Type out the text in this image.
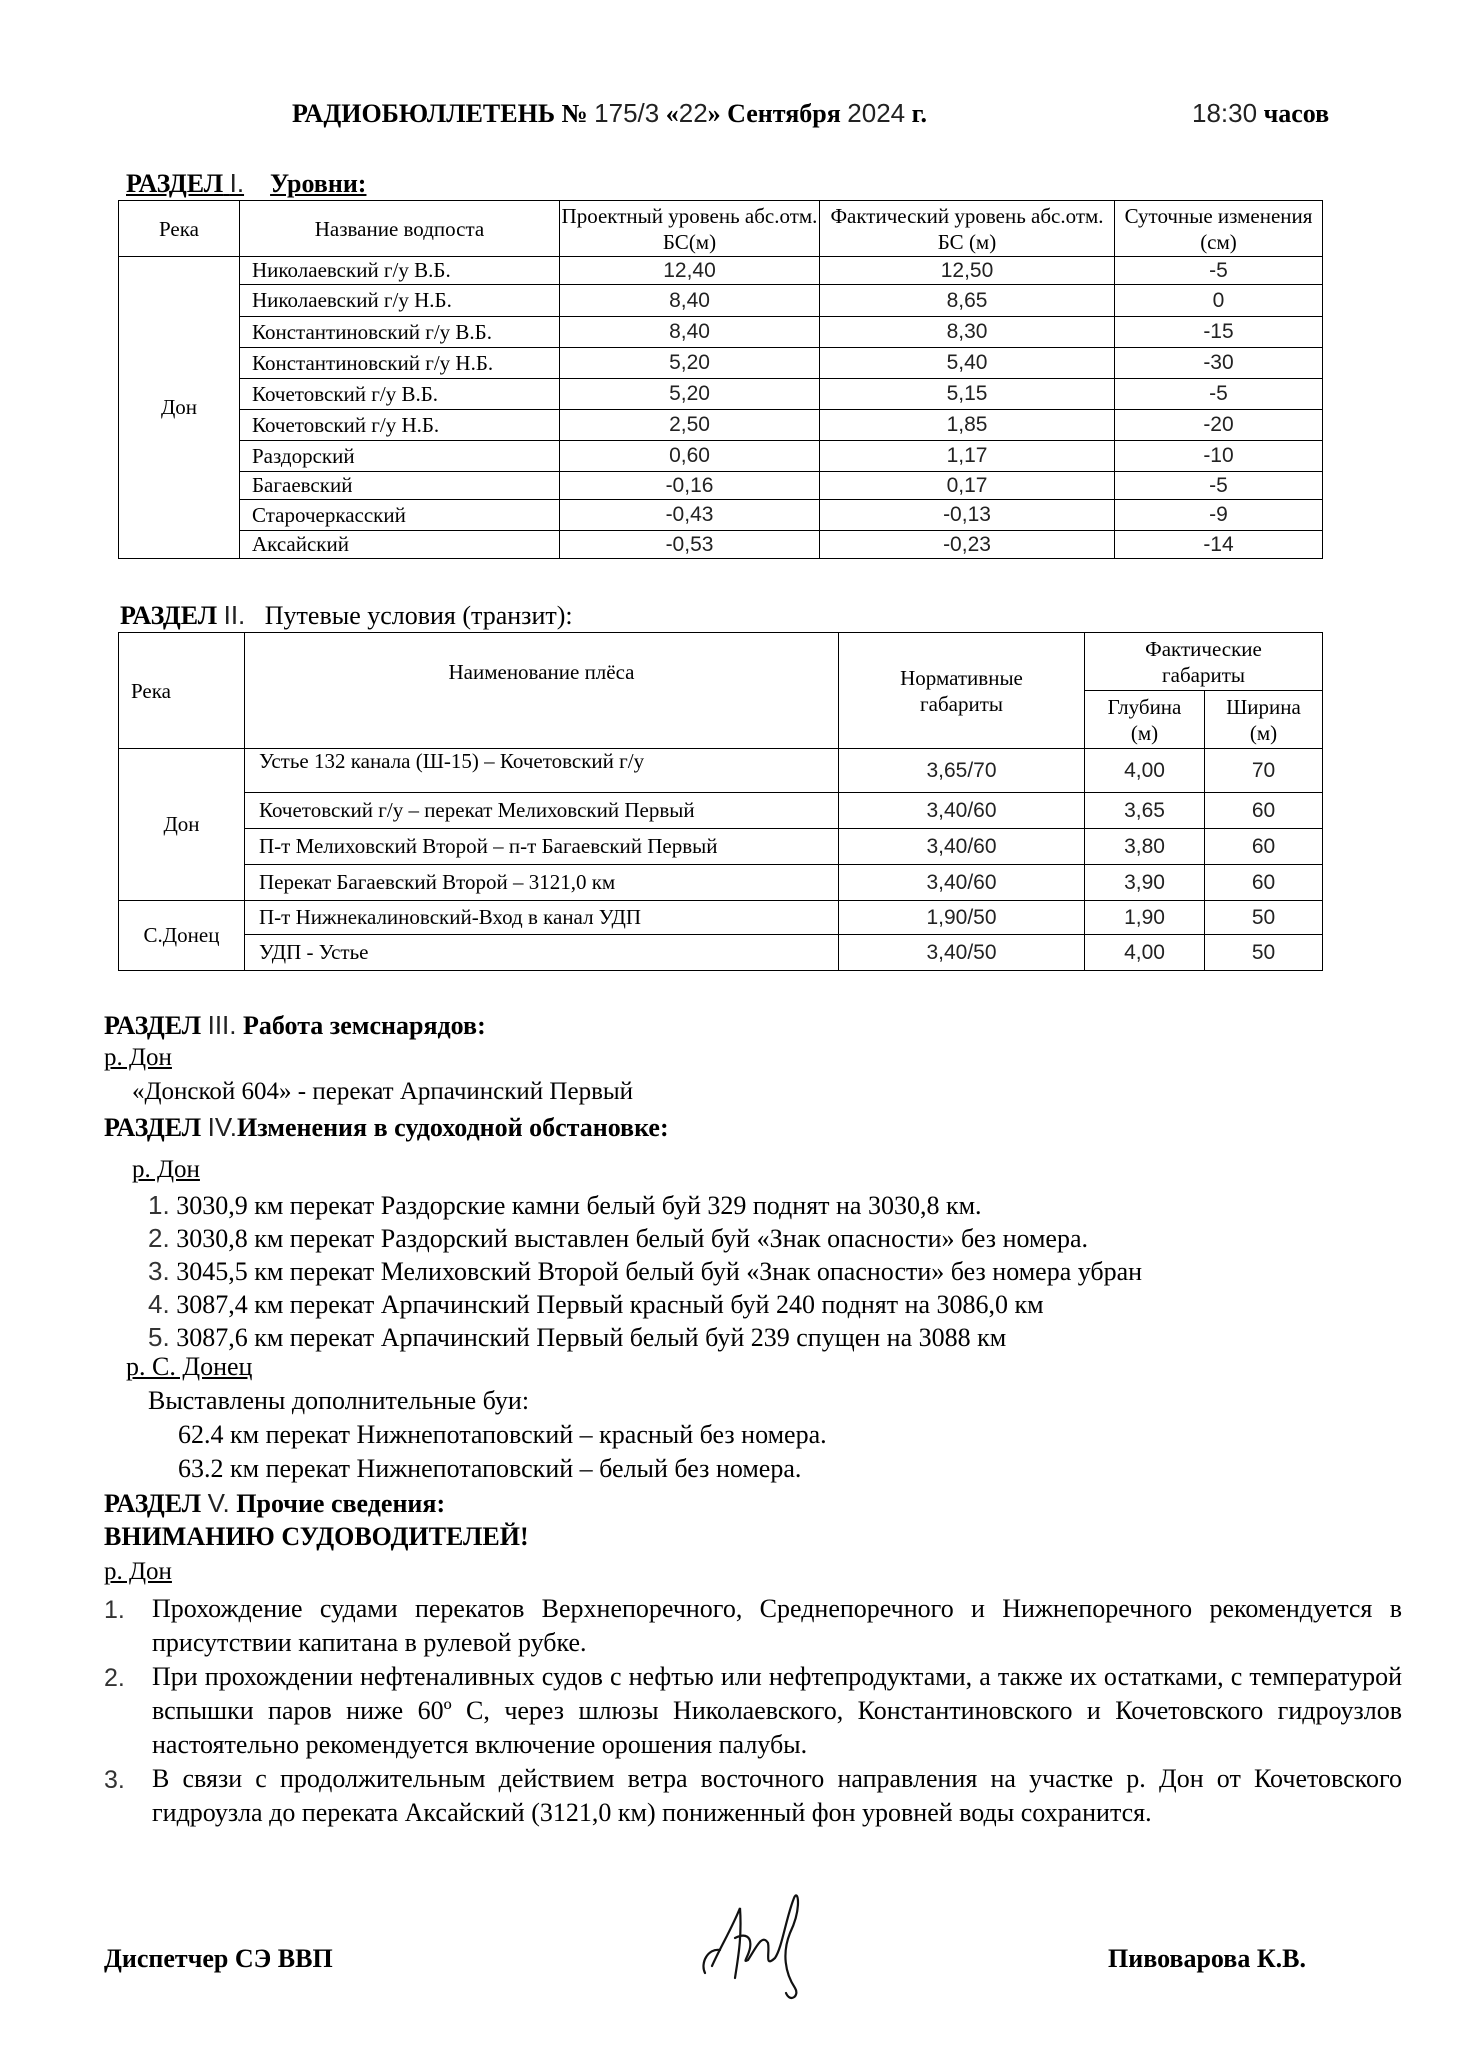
РАДИОБЮЛЛЕТЕНЬ № 175/3 «22» Сентября 2024 г.	18:30 часов
РАЗДЕЛ I. Уровни:
Река	Название водпоста	Проектный уровень абс.отм. БС(м)	Фактический уровень абс.отм. БС (м)	Суточные изменения (см)
Дон	Николаевский г/у В.Б.	12,40	12,50	-5
	Николаевский г/у Н.Б.	8,40	8,65	0
	Константиновский г/у В.Б.	8,40	8,30	-15
	Константиновский г/у Н.Б.	5,20	5,40	-30
	Кочетовский г/у В.Б.	5,20	5,15	-5
	Кочетовский г/у Н.Б.	2,50	1,85	-20
	Раздорский	0,60	1,17	-10
	Багаевский	-0,16	0,17	-5
	Старочеркасский	-0,43	-0,13	-9
	Аксайский	-0,53	-0,23	-14
РАЗДЕЛ II. Путевые условия (транзит):
Река	Наименование плёса	Нормативные габариты	Фактические габариты	
			Глубина (м)	Ширина (м)
Дон	Устье 132 канала (Ш-15) – Кочетовский г/у	3,65/70	4,00	70
	Кочетовский г/у – перекат Мелиховский Первый	3,40/60	3,65	60
	П-т Мелиховский Второй – п-т Багаевский Первый	3,40/60	3,80	60
	Перекат Багаевский Второй – 3121,0 км	3,40/60	3,90	60
С.Донец	П-т Нижнекалиновский-Вход в канал УДП	1,90/50	1,90	50
	УДП - Устье	3,40/50	4,00	50
РАЗДЕЛ III. Работа земснарядов:
р. Дон
«Донской 604» - перекат Арпачинский Первый
РАЗДЕЛ IV.Изменения в судоходной обстановке:
р. Дон
1. 3030,9 км перекат Раздорские камни белый буй 329 поднят на 3030,8 км.
2. 3030,8 км перекат Раздорский выставлен белый буй «Знак опасности» без номера.
3. 3045,5 км перекат Мелиховский Второй белый буй «Знак опасности» без номера убран
4. 3087,4 км перекат Арпачинский Первый красный буй 240 поднят на 3086,0 км
5. 3087,6 км перекат Арпачинский Первый белый буй 239 спущен на 3088 км
р. С. Донец
Выставлены дополнительные буи:
62.4 км перекат Нижнепотаповский – красный без номера.
63.2 км перекат Нижнепотаповский – белый без номера.
РАЗДЕЛ V. Прочие сведения:
ВНИМАНИЮ СУДОВОДИТЕЛЕЙ!
р. Дон
1. Прохождение судами перекатов Верхнепоречного, Среднепоречного и Нижнепоречного рекомендуется в присутствии капитана в рулевой рубке.
2. При прохождении нефтеналивных судов с нефтью или нефтепродуктами, а также их остатками, с температурой вспышки паров ниже 60º С, через шлюзы Николаевского, Константиновского и Кочетовского гидроузлов настоятельно рекомендуется включение орошения палубы.
3. В связи с продолжительным действием ветра восточного направления на участке р. Дон от Кочетовского гидроузла до переката Аксайский (3121,0 км) пониженный фон уровней воды сохранится.
Диспетчер СЭ ВВП	Пивоварова К.В.
